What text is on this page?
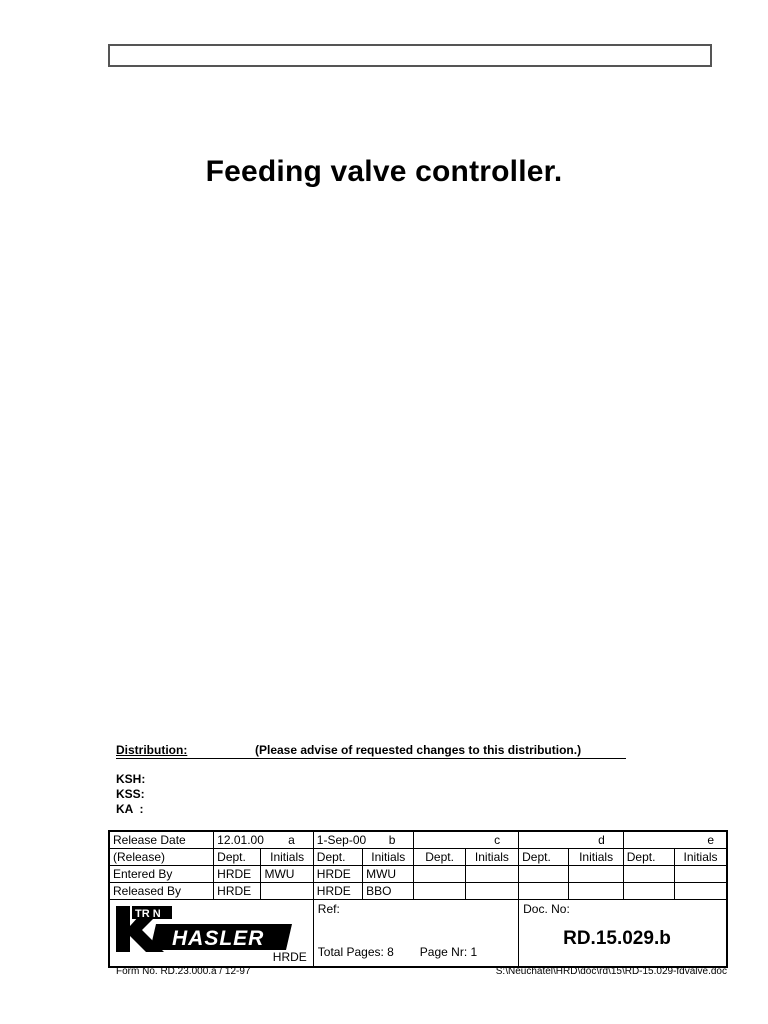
Feeding valve controller.
Distribution:	(Please advise of requested changes to this distribution.)
KSH:
KSS:
KA  :
Release Date	12.01.00 a		1-Sep-00 b		c		d		e	

(Release)	Dept.	Initials	Dept.	Initials	Dept.	Initials	Dept.	Initials	Dept.	Initials
Entered By	HRDE	MWU	HRDE	MWU						
Released By	HRDE		HRDE	BBO						

TR N
HASLER
HRDE			Ref:
Total Pages: 8 Page Nr: 1				Doc. No:
RD.15.029.b			
Form No. RD.23.000.a / 12-97	S:\Neuchâtel\HRD\doc\rd\15\RD-15.029-fdvalve.doc
